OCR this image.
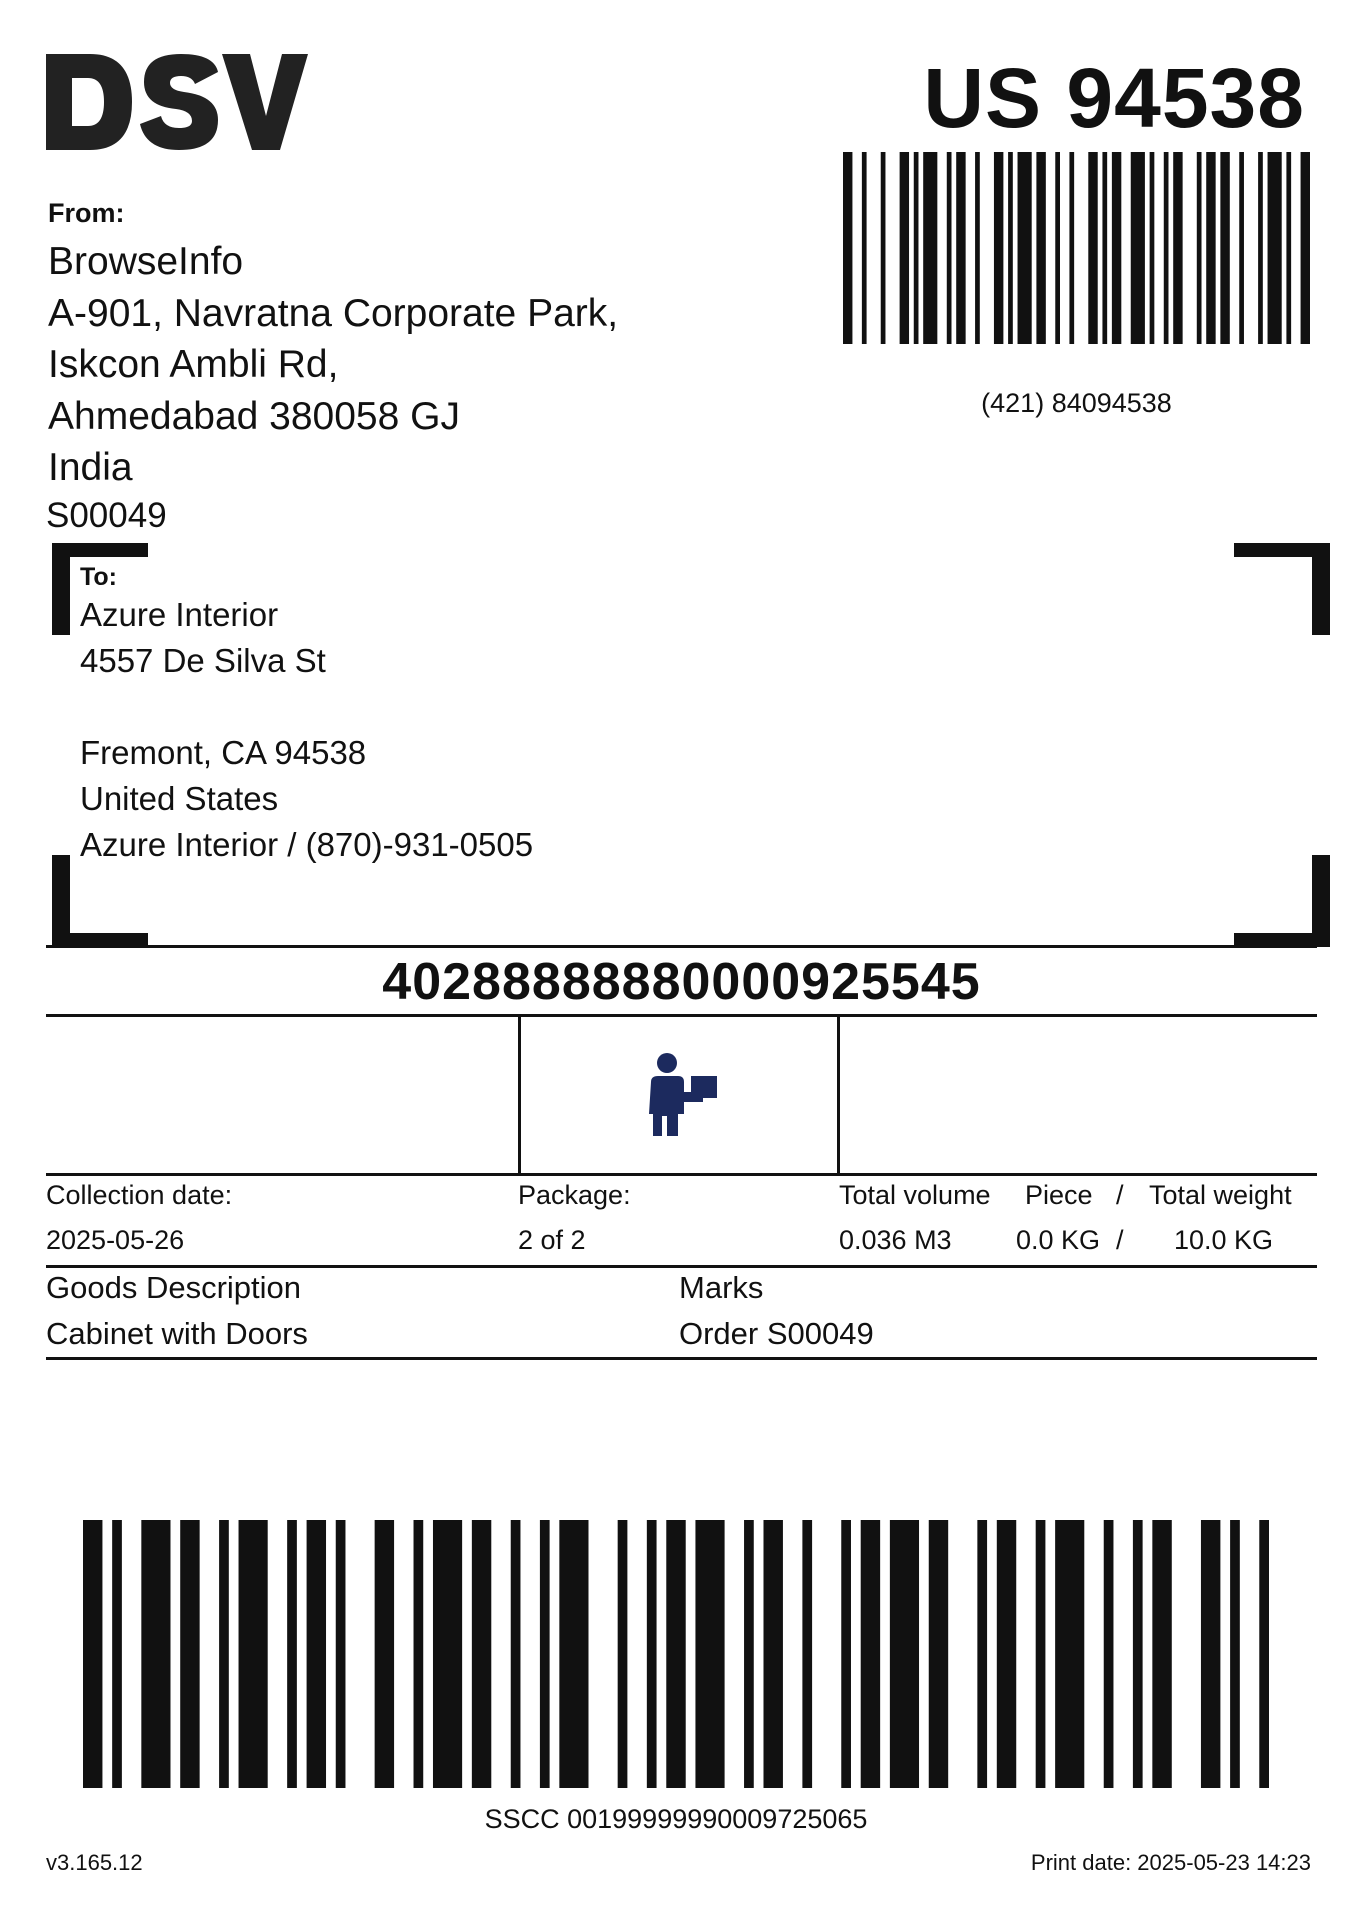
US 94538
(421) 84094538
From:
BrowseInfo
A-901, Navratna Corporate Park,
Iskcon Ambli Rd,
Ahmedabad 380058 GJ
India
S00049
To:
Azure Interior
4557 De Silva St
Fremont, CA 94538
United States
Azure Interior / (870)-931-0505
40288888880000925545
Collection date:
2025-05-26
Package:
2 of 2
Total volume
0.036 M3
Piece
0.0 KG
/
/
Total weight
10.0 KG
Goods Description
Cabinet with Doors
Marks
Order S00049
SSCC 00199999990009725065
v3.165.12	Print date: 2025-05-23 14:23
